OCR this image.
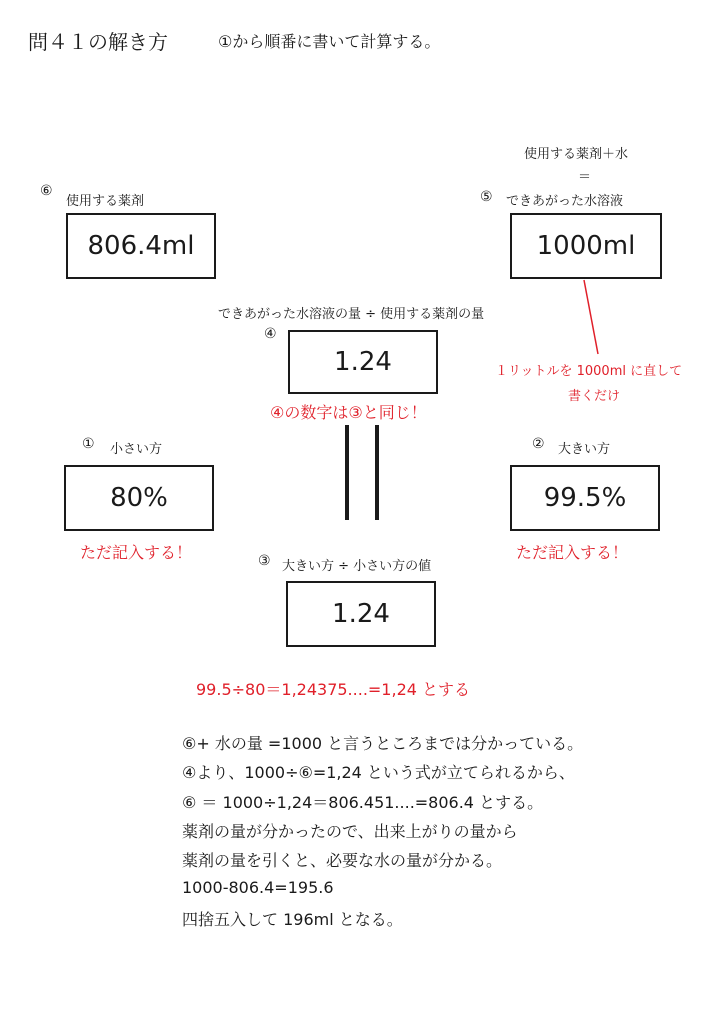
問４１の解き方	①から順番に書いて計算する。
⑥
使用する薬剤
806.4ml
使用する薬剤＋水
＝
⑤ できあがった水溶液
1000ml
１リットルを 1000ml に直して
書くだけ
できあがった水溶液の量 ÷ 使用する薬剤の量
④
1.24
④の数字は③と同じ！
① 小さい方
80%
ただ記入する！
② 大きい方
99.5%
ただ記入する！
③ 大きい方 ÷ 小さい方の値
1.24
99.5÷80＝1,24375....=1,24 とする
⑥+ 水の量 =1000 と言うところまでは分かっている。
④より、1000÷⑥=1,24 という式が立てられるから、
⑥ ＝ 1000÷1,24＝806.451....=806.4 とする。
薬剤の量が分かったので、出来上がりの量から
薬剤の量を引くと、必要な水の量が分かる。
1000-806.4=195.6
四捨五入して 196ml となる。
